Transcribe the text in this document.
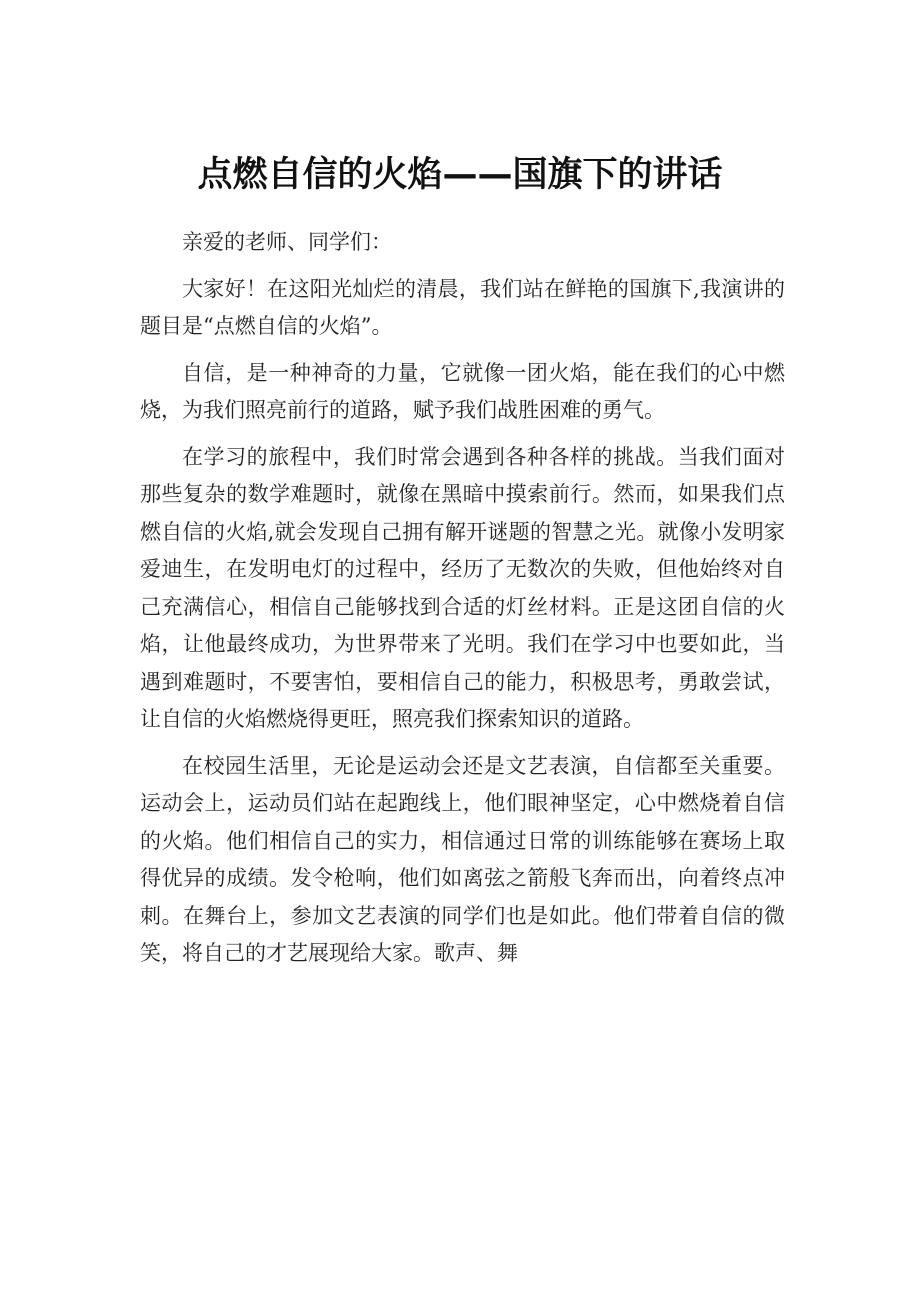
点燃自信的火焰——国旗下的讲话

亲爱的老师、同学们：

大家好！在这阳光灿烂的清晨，我们站在鲜艳的国旗下,我演讲的题目是“点燃自信的火焰”。

自信，是一种神奇的力量，它就像一团火焰，能在我们的心中燃烧，为我们照亮前行的道路，赋予我们战胜困难的勇气。

在学习的旅程中，我们时常会遇到各种各样的挑战。当我们面对那些复杂的数学难题时，就像在黑暗中摸索前行。然而，如果我们点燃自信的火焰,就会发现自己拥有解开谜题的智慧之光。就像小发明家爱迪生，在发明电灯的过程中，经历了无数次的失败，但他始终对自己充满信心，相信自己能够找到合适的灯丝材料。正是这团自信的火焰，让他最终成功，为世界带来了光明。我们在学习中也要如此，当遇到难题时，不要害怕，要相信自己的能力，积极思考，勇敢尝试，让自信的火焰燃烧得更旺，照亮我们探索知识的道路。

在校园生活里，无论是运动会还是文艺表演，自信都至关重要。运动会上，运动员们站在起跑线上，他们眼神坚定，心中燃烧着自信的火焰。他们相信自己的实力，相信通过日常的训练能够在赛场上取得优异的成绩。发令枪响，他们如离弦之箭般飞奔而出，向着终点冲刺。在舞台上，参加文艺表演的同学们也是如此。他们带着自信的微笑，将自己的才艺展现给大家。歌声、舞
